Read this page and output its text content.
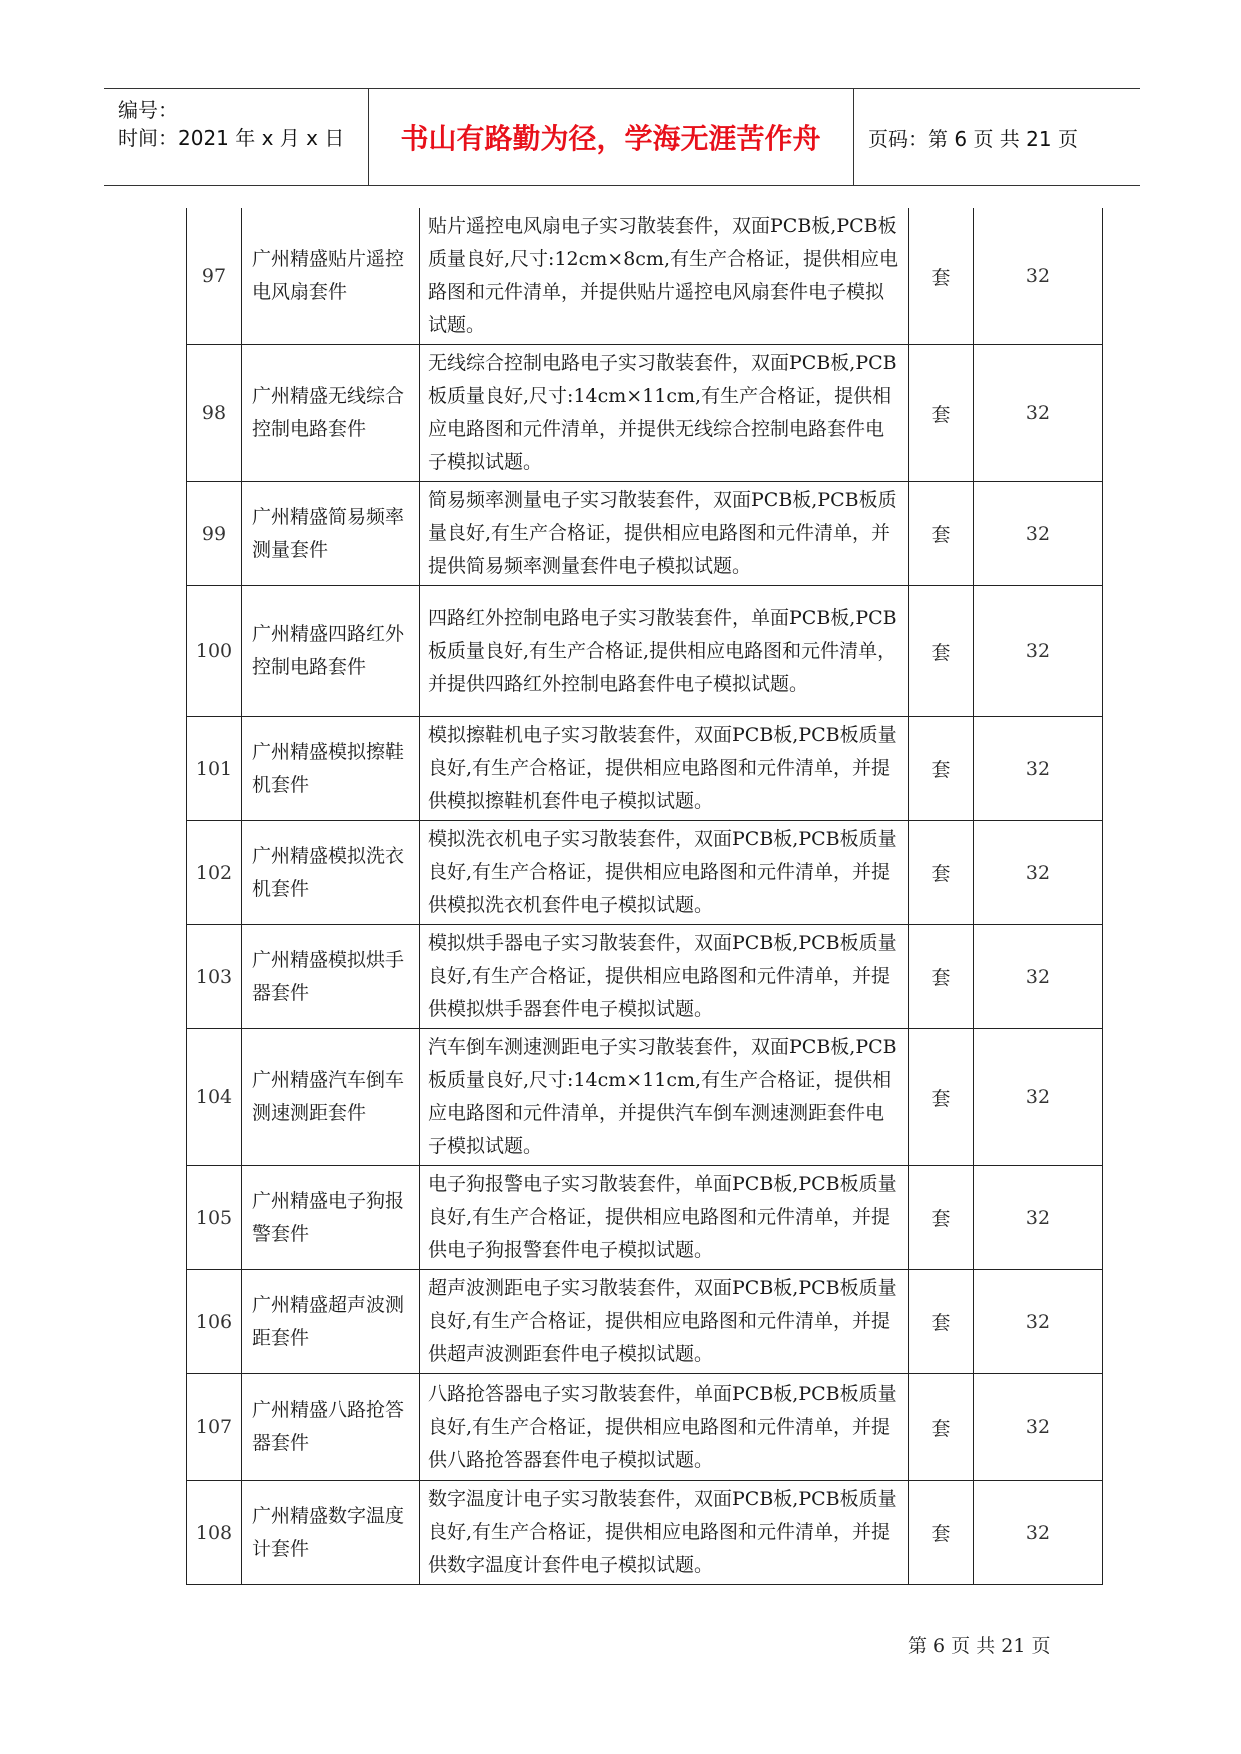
编号：
时间：2021 年 x 月 x 日 书山有路勤为径，学海无涯苦作舟 页码：第 6 页 共 21 页
97	广州精盛贴片遥控电风扇套件	贴片遥控电风扇电子实习散装套件，双面PCB板,PCB板质量良好,尺寸:12cm×8cm,有生产合格证，提供相应电路图和元件清单，并提供贴片遥控电风扇套件电子模拟试题。	套	32
98	广州精盛无线综合控制电路套件	无线综合控制电路电子实习散装套件，双面PCB板,PCB板质量良好,尺寸:14cm×11cm,有生产合格证，提供相应电路图和元件清单，并提供无线综合控制电路套件电子模拟试题。	套	32
99	广州精盛简易频率测量套件	简易频率测量电子实习散装套件，双面PCB板,PCB板质量良好,有生产合格证，提供相应电路图和元件清单，并提供简易频率测量套件电子模拟试题。	套	32
100	广州精盛四路红外控制电路套件	四路红外控制电路电子实习散装套件，单面PCB板,PCB板质量良好,有生产合格证,提供相应电路图和元件清单，并提供四路红外控制电路套件电子模拟试题。	套	32
101	广州精盛模拟擦鞋机套件	模拟擦鞋机电子实习散装套件，双面PCB板,PCB板质量良好,有生产合格证，提供相应电路图和元件清单，并提供模拟擦鞋机套件电子模拟试题。	套	32
102	广州精盛模拟洗衣机套件	模拟洗衣机电子实习散装套件，双面PCB板,PCB板质量良好,有生产合格证，提供相应电路图和元件清单，并提供模拟洗衣机套件电子模拟试题。	套	32
103	广州精盛模拟烘手器套件	模拟烘手器电子实习散装套件，双面PCB板,PCB板质量良好,有生产合格证，提供相应电路图和元件清单，并提供模拟烘手器套件电子模拟试题。	套	32
104	广州精盛汽车倒车测速测距套件	汽车倒车测速测距电子实习散装套件，双面PCB板,PCB板质量良好,尺寸:14cm×11cm,有生产合格证，提供相应电路图和元件清单，并提供汽车倒车测速测距套件电子模拟试题。	套	32
105	广州精盛电子狗报警套件	电子狗报警电子实习散装套件，单面PCB板,PCB板质量良好,有生产合格证，提供相应电路图和元件清单，并提供电子狗报警套件电子模拟试题。	套	32
106	广州精盛超声波测距套件	超声波测距电子实习散装套件，双面PCB板,PCB板质量良好,有生产合格证，提供相应电路图和元件清单，并提供超声波测距套件电子模拟试题。	套	32
107	广州精盛八路抢答器套件	八路抢答器电子实习散装套件，单面PCB板,PCB板质量良好,有生产合格证，提供相应电路图和元件清单，并提供八路抢答器套件电子模拟试题。	套	32
108	广州精盛数字温度计套件	数字温度计电子实习散装套件，双面PCB板,PCB板质量良好,有生产合格证，提供相应电路图和元件清单，并提供数字温度计套件电子模拟试题。	套	32
第 6 页 共 21 页
